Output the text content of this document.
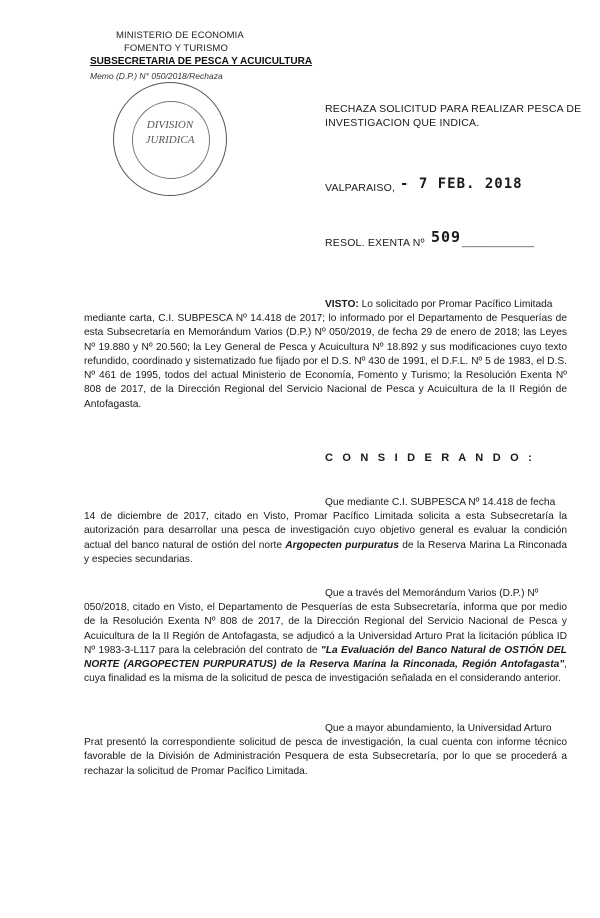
MINISTERIO DE ECONOMIA
FOMENTO Y TURISMO
SUBSECRETARIA DE PESCA Y ACUICULTURA
Memo (D.P.) N° 050/2018/Rechaza
DIVISION
JURIDICA
RECHAZA SOLICITUD PARA REALIZAR PESCA DE
INVESTIGACION QUE INDICA.
VALPARAISO, - 7 FEB. 2018
RESOL. EXENTA Nº 509 ____________
VISTO: Lo solicitado por Promar Pacífico Limitada
mediante carta, C.I. SUBPESCA Nº 14.418 de 2017; lo informado por el Departamento de Pesquerías de esta Subsecretaría en Memorándum Varios (D.P.) Nº 050/2019, de fecha 29 de enero de 2018; las Leyes Nº 19.880 y Nº 20.560; la Ley General de Pesca y Acuicultura Nº 18.892 y sus modificaciones cuyo texto refundido, coordinado y sistematizado fue fijado por el D.S. Nº 430 de 1991, el D.F.L. Nº 5 de 1983, el D.S. Nº 461 de 1995, todos del actual Ministerio de Economía, Fomento y Turismo; la Resolución Exenta Nº 808 de 2017, de la Dirección Regional del Servicio Nacional de Pesca y Acuicultura de la II Región de Antofagasta.
C O N S I D E R A N D O :
Que mediante C.I. SUBPESCA Nº 14.418 de fecha
14 de diciembre de 2017, citado en Visto, Promar Pacífico Limitada solicita a esta Subsecretaría la autorización para desarrollar una pesca de investigación cuyo objetivo general es evaluar la condición actual del banco natural de ostión del norte Argopecten purpuratus de la Reserva Marina La Rinconada y especies secundarias.
Que a través del Memorándum Varios (D.P.) Nº
050/2018, citado en Visto, el Departamento de Pesquerías de esta Subsecretaría, informa que por medio de la Resolución Exenta Nº 808 de 2017, de la Dirección Regional del Servicio Nacional de Pesca y Acuicultura de la II Región de Antofagasta, se adjudicó a la Universidad Arturo Prat la licitación pública ID Nº 1983-3-L117 para la celebración del contrato de "La Evaluación del Banco Natural de OSTIÓN DEL NORTE (ARGOPECTEN PURPURATUS) de la Reserva Marina la Rinconada, Región Antofagasta", cuya finalidad es la misma de la solicitud de pesca de investigación señalada en el considerando anterior.
Que a mayor abundamiento, la Universidad Arturo
Prat presentó la correspondiente solicitud de pesca de investigación, la cual cuenta con informe técnico favorable de la División de Administración Pesquera de esta Subsecretaría, por lo que se procederá a rechazar la solicitud de Promar Pacífico Limitada.
